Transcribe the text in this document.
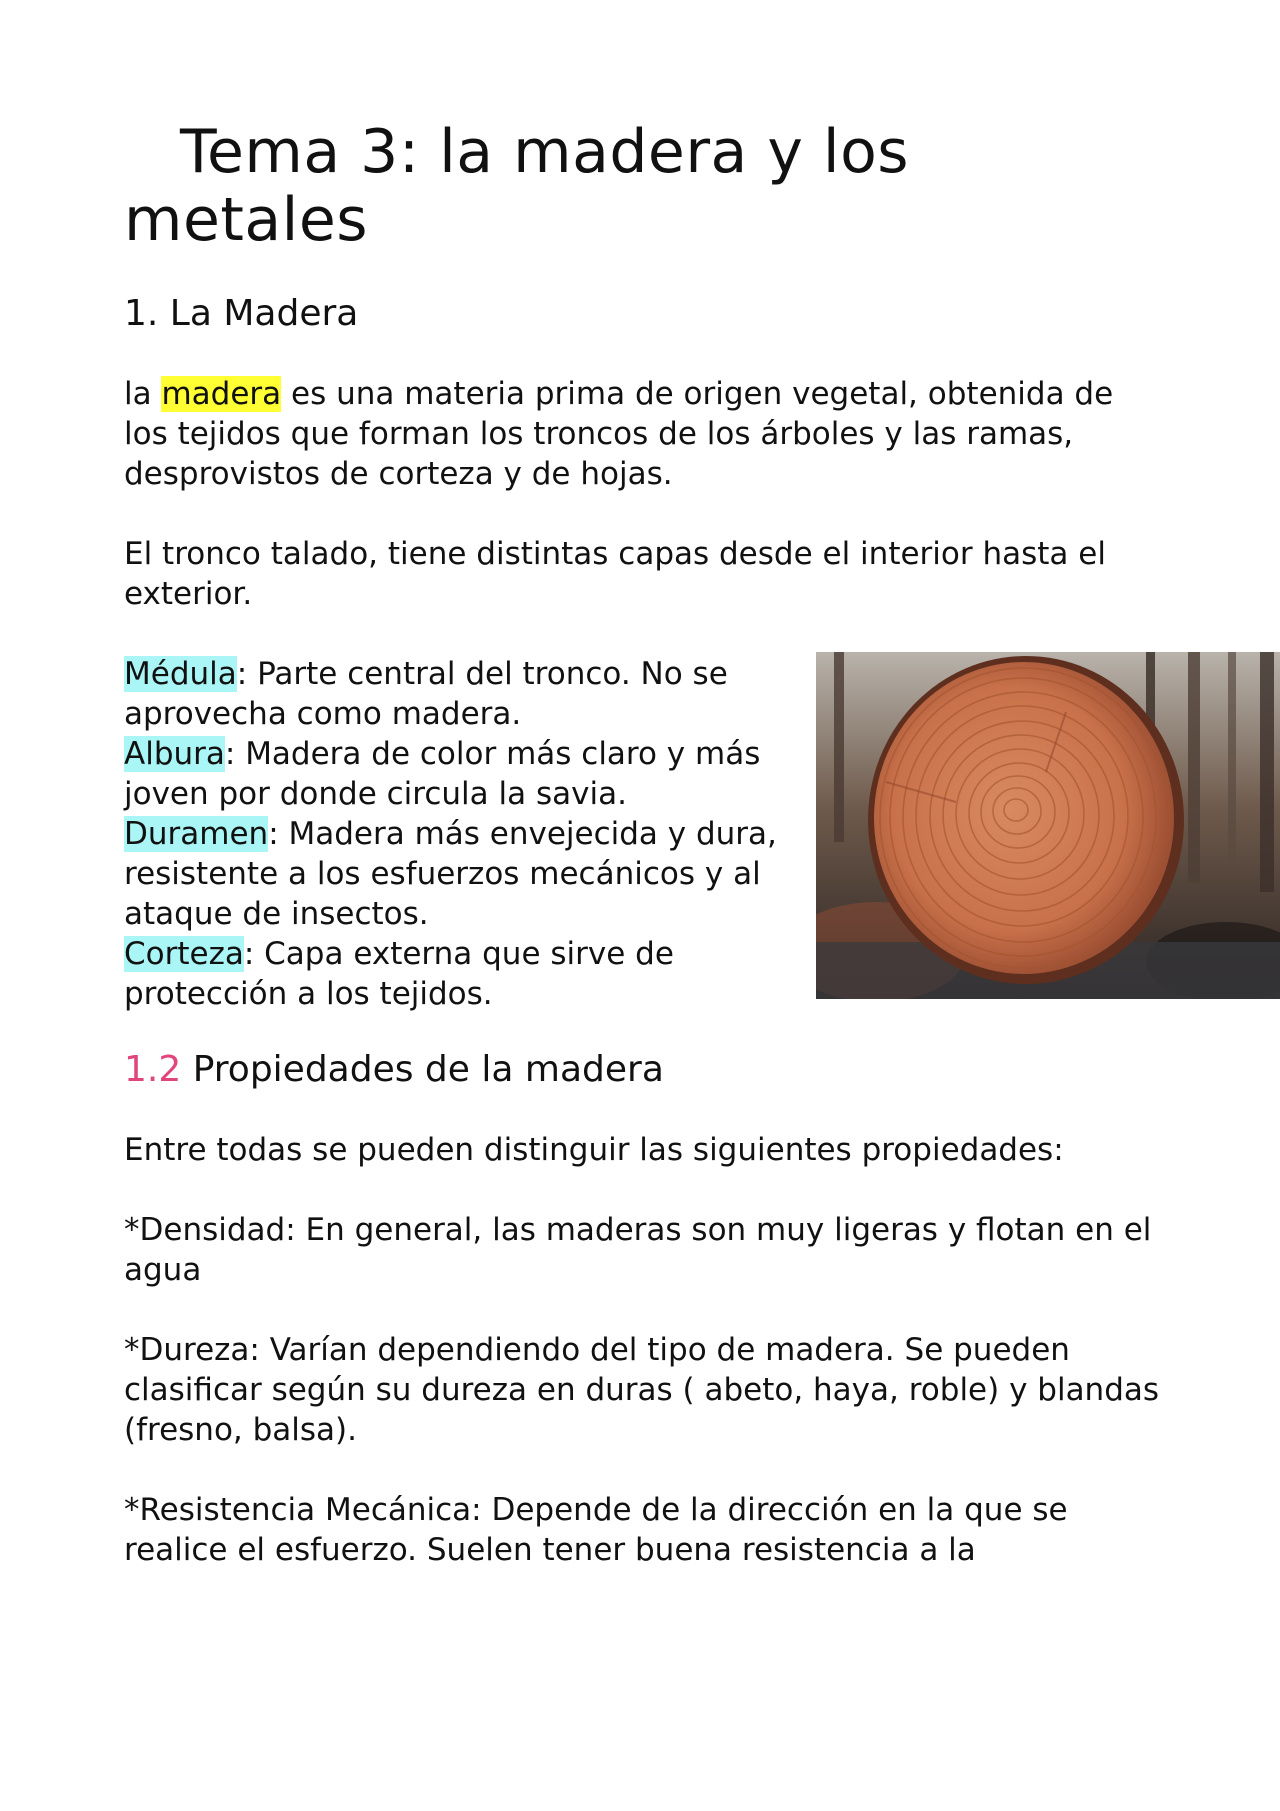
Tema 3: la madera y los metales
1. La Madera

la madera es una materia prima de origen vegetal, obtenida de los tejidos que forman los troncos de los árboles y las ramas, desprovistos de corteza y de hojas.

El tronco talado, tiene distintas capas desde el interior hasta el exterior.

Médula: Parte central del tronco. No se aprovecha como madera.

Albura: Madera de color más claro y más joven por donde circula la savia.

Duramen: Madera más envejecida y dura, resistente a los esfuerzos mecánicos y al ataque de insectos.

Corteza: Capa externa que sirve de protección a los tejidos.

1.2 Propiedades de la madera

Entre todas se pueden distinguir las siguientes propiedades:

*Densidad: En general, las maderas son muy ligeras y flotan en el agua

*Dureza: Varían dependiendo del tipo de madera. Se pueden clasificar según su dureza en duras ( abeto, haya, roble) y blandas (fresno, balsa).

*Resistencia Mecánica: Depende de la dirección en la que se realice el esfuerzo. Suelen tener buena resistencia a la
